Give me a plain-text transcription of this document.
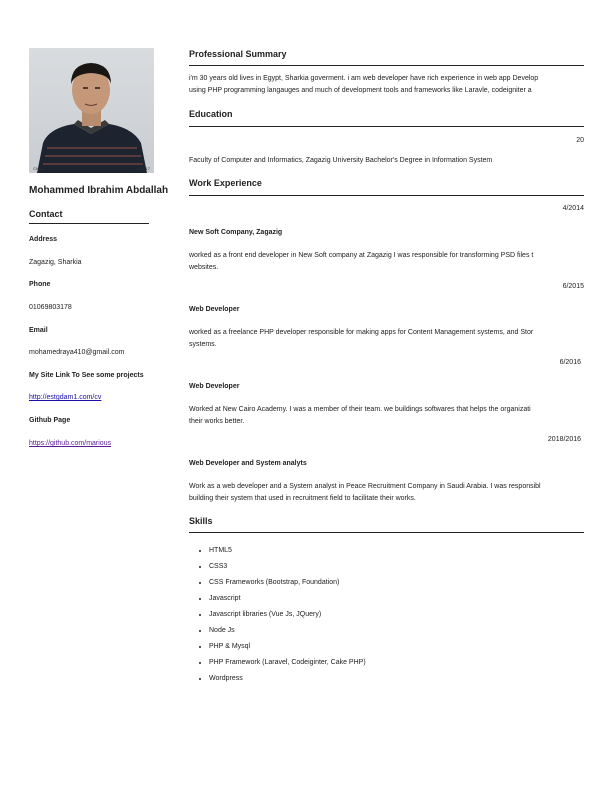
CNO	8-2017
Mohammed Ibrahim Abdallah
Contact
Address
Zagazig, Sharkia
Phone
01069803178
Email
mohamedraya410@gmail.com
My Site Link To See some projects
http://estgdam1.com/cv
Github Page
https://github.com/marious
Professional Summary
i'm 30 years old lives in Egypt, Sharkia goverment. i am web developer have rich experience in web app Develop
using PHP programming langauges and much of development tools and frameworks like Laravle, codeigniter a
Education
20
Faculty of Computer and Informatics, Zagazig University Bachelor's Degree in Information System
Work Experience
4/2014
New Soft Company, Zagazig
worked as a front end developer in New Soft company at Zagazig I was responsible for transforming PSD files t
websites.
6/2015
Web Developer
worked as a freelance PHP developer responsible for making apps for Content Management systems, and Stor
systems.
6/2016
Web Developer
Worked at New Cairo Academy. I was a member of their team. we buildings softwares that helps the organizati
their works better.
2018/2016
Web Developer and System analyts
Work as a web developer and a System analyst in Peace Recruitment Company in Saudi Arabia. I was responsibl
building their system that used in recruitment field to facilitate their works.
Skills
• HTML5
• CSS3
• CSS Frameworks (Bootstrap, Foundation)
• Javascript
• Javascript libraries (Vue Js, JQuery)
• Node Js
• PHP & Mysql
• PHP Framework (Laravel, Codeiginter, Cake PHP)
• Wordpress
